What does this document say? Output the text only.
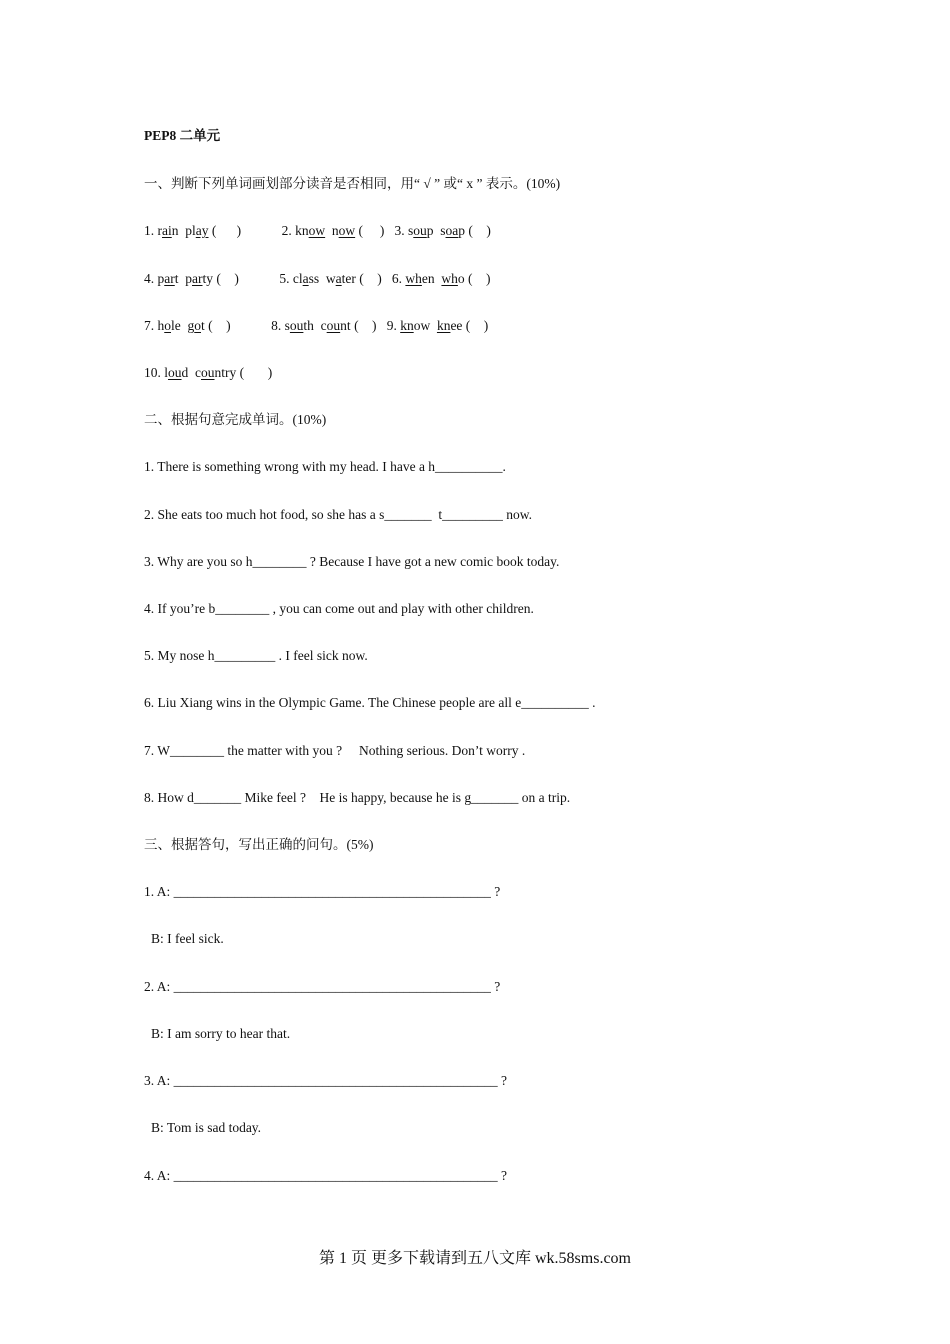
PEP8 二单元
一、判断下列单词画划部分读音是否相同，用“ √ ” 或“ x ” 表示。(10%)
1. rain play (      )	2. know now (     ) 3. soup soap (    )
4. part party (    )	5. class water (    ) 6. when who (    )
7. hole got (    )	8. south count (    ) 9. know knee (    )
10. loud country (       )
二、根据句意完成单词。(10%)
1. There is something wrong with my head. I have a h__________.
2. She eats too much hot food, so she has a s_______  t_________ now.
3. Why are you so h________ ? Because I have got a new comic book today.
4. If you’re b________ , you can come out and play with other children.
5. My nose h_________ . I feel sick now.
6. Liu Xiang wins in the Olympic Game. The Chinese people are all e__________ .
7. W________ the matter with you ?     Nothing serious. Don’t worry .
8. How d_______ Mike feel ?    He is happy, because he is g_______ on a trip.
三、根据答句，写出正确的问句。(5%)
1. A: _______________________________________________ ?
B: I feel sick.
2. A: _______________________________________________ ?
B: I am sorry to hear that.
3. A: ________________________________________________ ?
B: Tom is sad today.
4. A: ________________________________________________ ?
第 1 页 更多下载请到五八文库 wk.58sms.com
